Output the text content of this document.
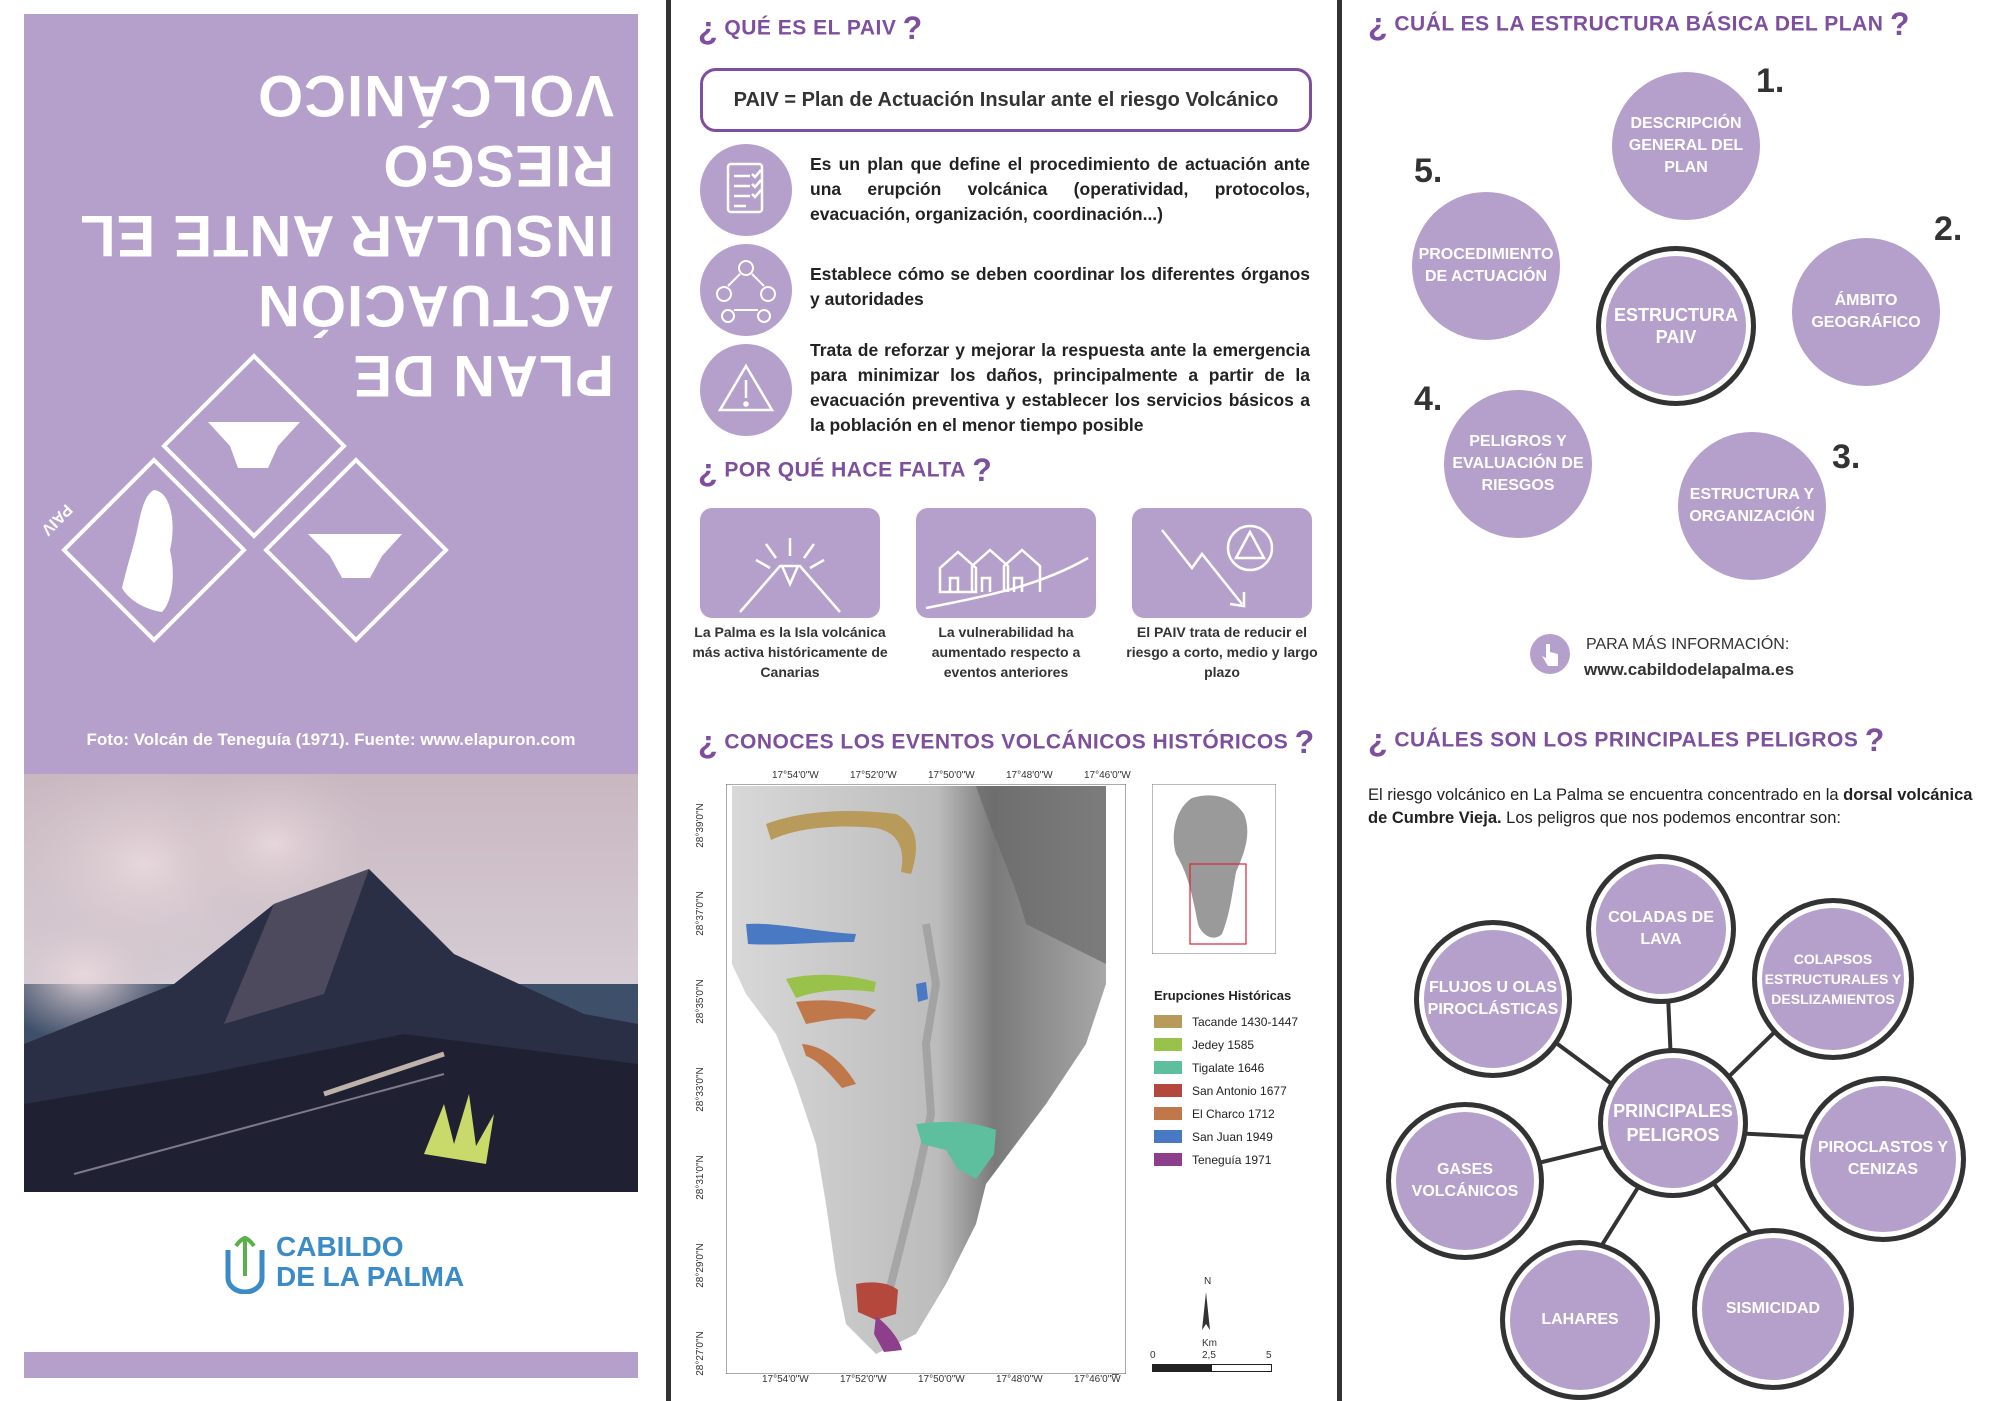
PLAN DE ACTUACIÓN
INSULAR ANTE EL
RIESGO VOLCÁNICO
PAIV
Foto: Volcán de Teneguía (1971). Fuente: www.elapuron.com
CABILDO
DE LA PALMA
¿ QUÉ ES EL PAIV ?
PAIV = Plan de Actuación Insular ante el riesgo Volcánico
Es un plan que define el procedimiento de actuación ante una erupción volcánica (operatividad, protocolos, evacuación, organización, coordinación...)
Establece cómo se deben coordinar los diferentes órganos y autoridades
Trata de reforzar y mejorar la respuesta ante la emergencia para minimizar los daños, principalmente a partir de la evacuación preventiva y establecer los servicios básicos a la población en el menor tiempo posible
¿ POR QUÉ HACE FALTA ?
La Palma es la Isla volcánica más activa históricamente de Canarias
La vulnerabilidad ha aumentado respecto a eventos anteriores
El PAIV trata de reducir el riesgo a corto, medio y largo plazo
¿ CONOCES LOS EVENTOS VOLCÁNICOS HISTÓRICOS ?
17°54'0"W	17°52'0"W	17°50'0"W	17°48'0"W	17°46'0"W
17°54'0"W	17°52'0"W	17°50'0"W	17°48'0"W	17°46'0"W
28°39'0"N
28°37'0"N
28°35'0"N
28°33'0"N
28°31'0"N
28°29'0"N
28°27'0"N
Erupciones Históricas
Tacande 1430-1447
Jedey 1585
Tigalate 1646
San Antonio 1677
El Charco 1712
San Juan 1949
Teneguía 1971
N
Km
0	2,5	5
¿ CUÁL ES LA ESTRUCTURA BÁSICA DEL PLAN ?
DESCRIPCIÓN GENERAL DEL PLAN
1.
ÁMBITO GEOGRÁFICO
2.
ESTRUCTURA Y ORGANIZACIÓN
3.
PELIGROS Y EVALUACIÓN DE RIESGOS
4.
PROCEDIMIENTO DE ACTUACIÓN
5.
ESTRUCTURA PAIV
PARA MÁS INFORMACIÓN:
www.cabildodelapalma.es
¿ CUÁLES SON LOS PRINCIPALES PELIGROS ?
El riesgo volcánico en La Palma se encuentra concentrado en la dorsal volcánica de Cumbre Vieja. Los peligros que nos podemos encontrar son:
COLADAS DE LAVA
COLAPSOS ESTRUCTURALES Y DESLIZAMIENTOS
PIROCLASTOS Y CENIZAS
SISMICIDAD
LAHARES
GASES VOLCÁNICOS
FLUJOS U OLAS PIROCLÁSTICAS
PRINCIPALES PELIGROS
